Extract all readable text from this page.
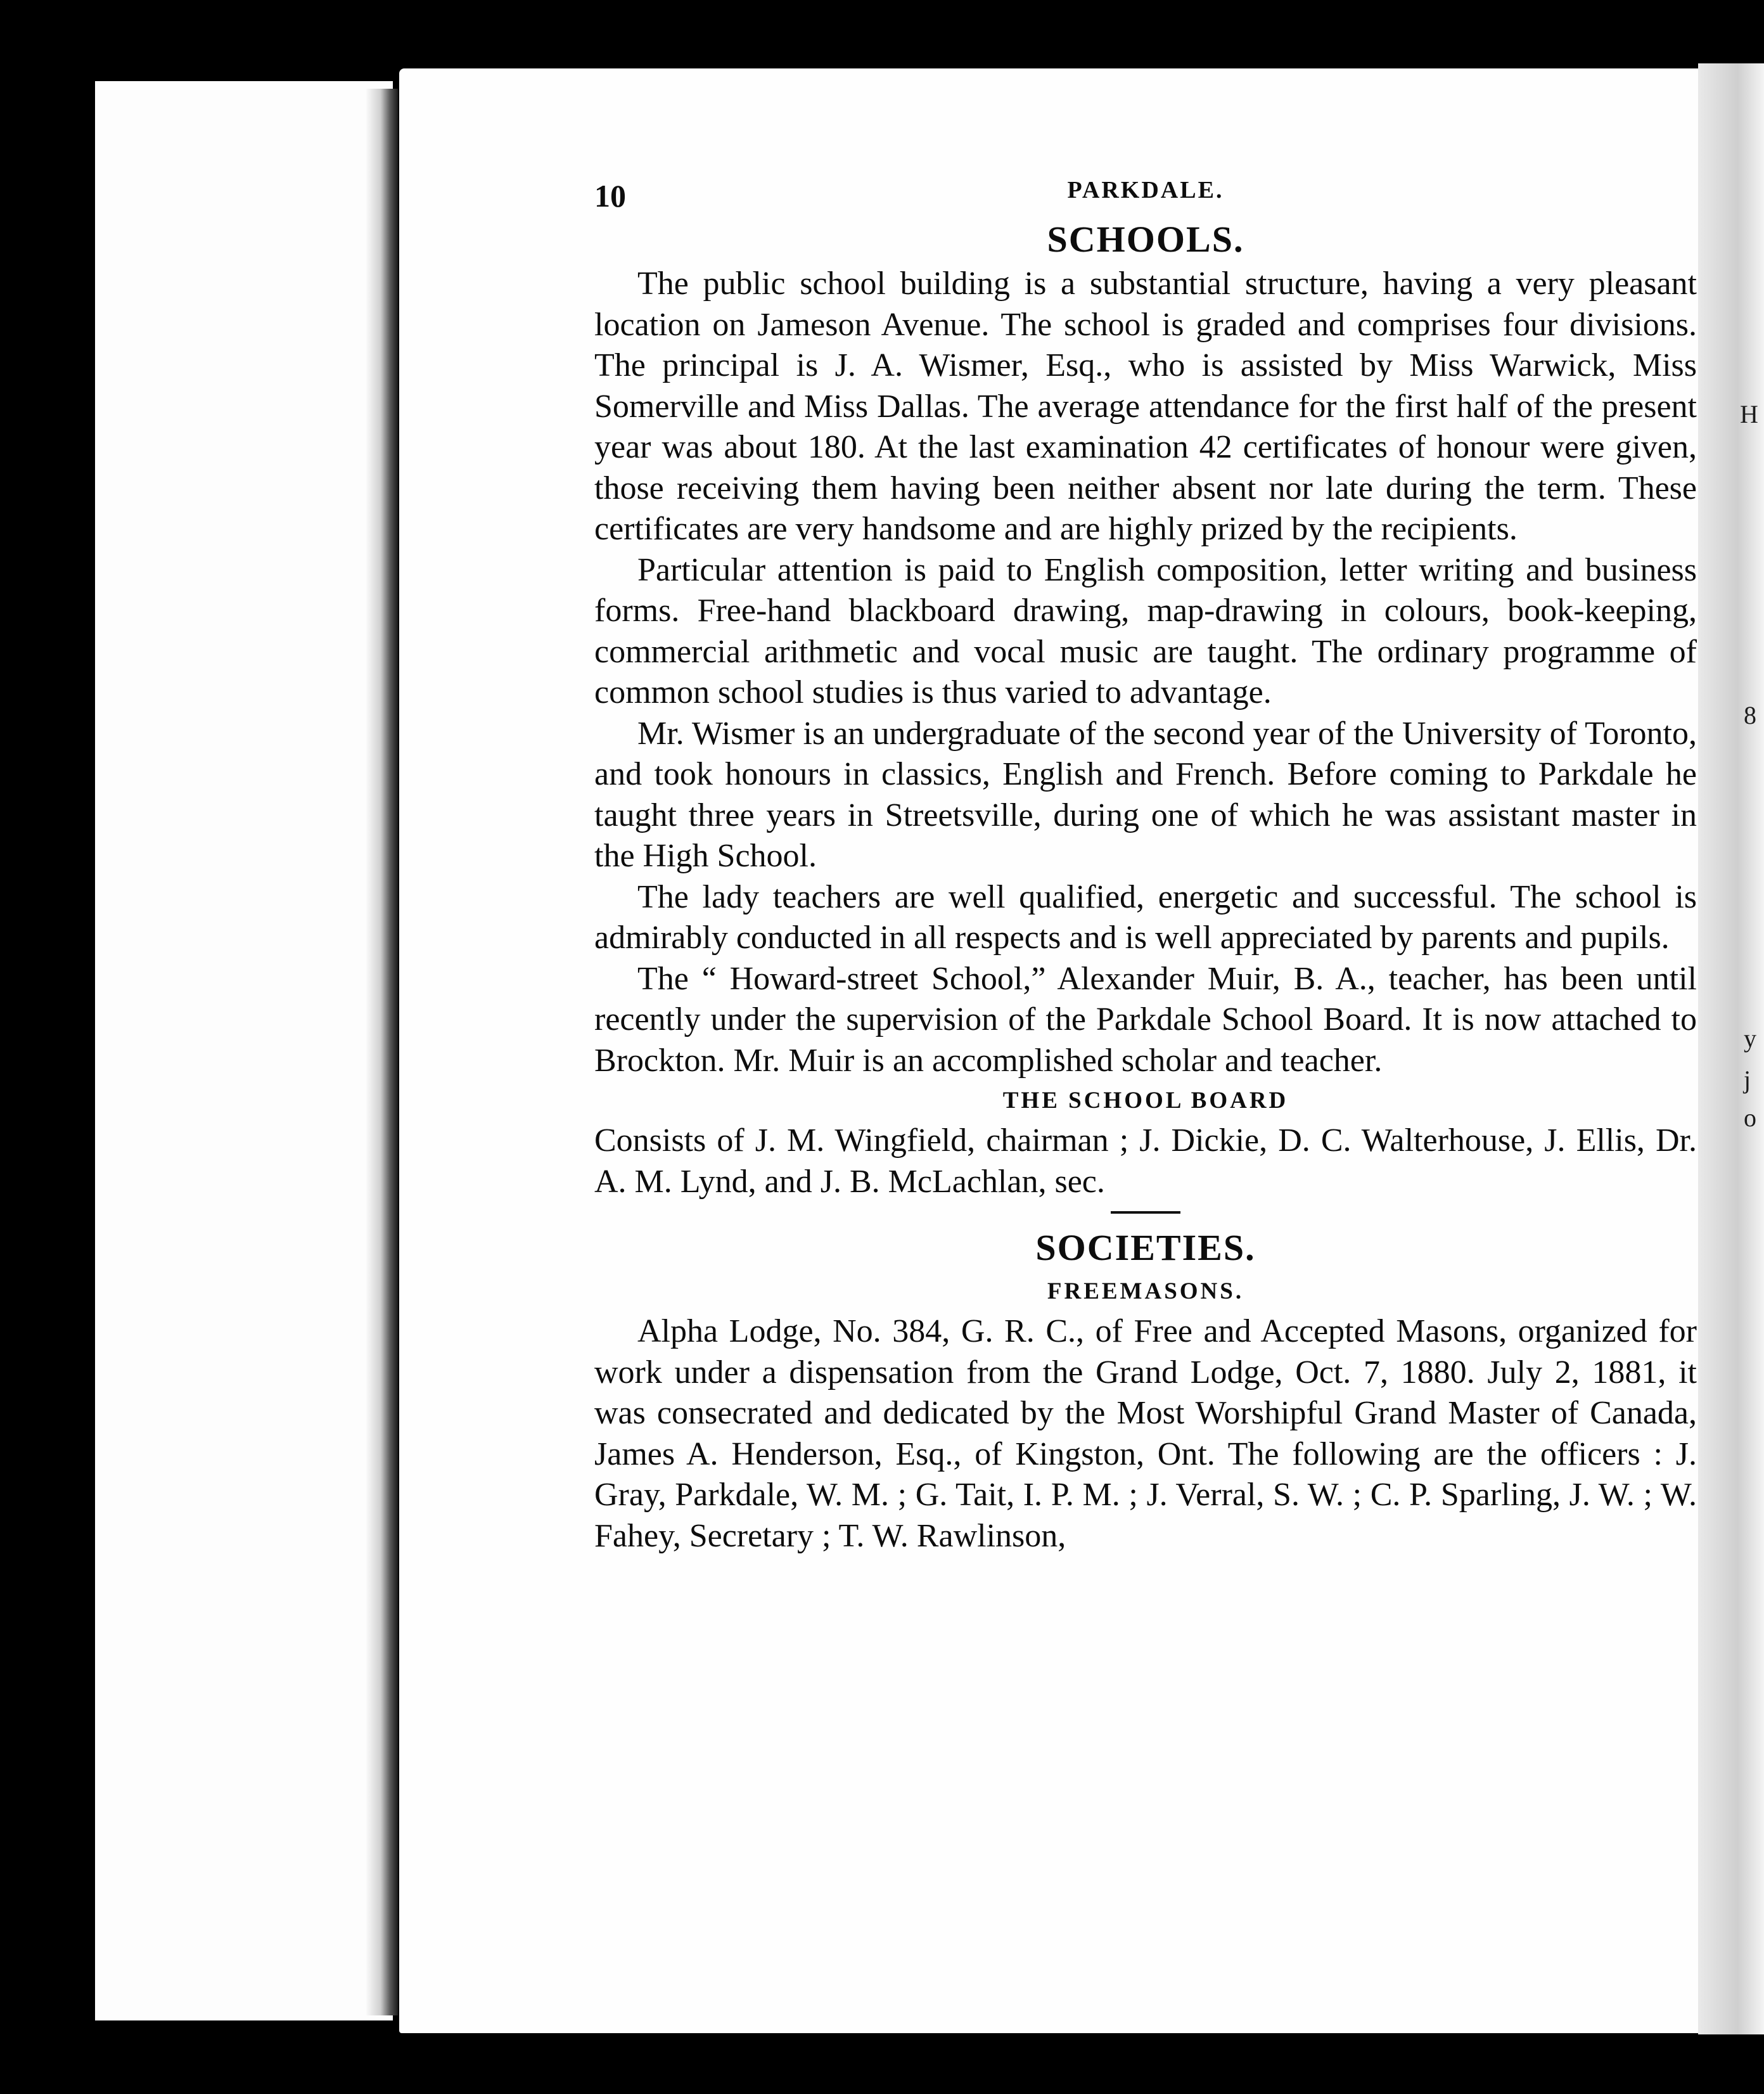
H
8
y
j
o
10	PARKDALE.
SCHOOLS.

The public school building is a substantial structure, having a very pleasant location on Jameson Avenue. The school is graded and comprises four divisions. The principal is J. A. Wismer, Esq., who is assisted by Miss Warwick, Miss Somerville and Miss Dallas. The average attendance for the first half of the present year was about 180. At the last examination 42 certificates of honour were given, those receiving them having been neither absent nor late during the term. These certificates are very handsome and are highly prized by the recipients.

Particular attention is paid to English composition, letter writing and business forms. Free-hand blackboard drawing, map-drawing in colours, book-keeping, commercial arithmetic and vocal music are taught. The ordinary programme of common school studies is thus varied to advantage.

Mr. Wismer is an undergraduate of the second year of the University of Toronto, and took honours in classics, English and French. Before coming to Parkdale he taught three years in Streetsville, during one of which he was assistant master in the High School.

The lady teachers are well qualified, energetic and successful. The school is admirably conducted in all respects and is well appreciated by parents and pupils.

The “ Howard-street School,” Alexander Muir, B. A., teacher, has been until recently under the supervision of the Parkdale School Board. It is now attached to Brockton. Mr. Muir is an accomplished scholar and teacher.

THE SCHOOL BOARD

Consists of J. M. Wingfield, chairman ; J. Dickie, D. C. Walterhouse, J. Ellis, Dr. A. M. Lynd, and J. B. McLachlan, sec.

SOCIETIES.
FREEMASONS.

Alpha Lodge, No. 384, G. R. C., of Free and Accepted Masons, organized for work under a dispensation from the Grand Lodge, Oct. 7, 1880. July 2, 1881, it was consecrated and dedicated by the Most Worshipful Grand Master of Canada, James A. Henderson, Esq., of Kingston, Ont. The following are the officers : J. Gray, Parkdale, W. M. ; G. Tait, I. P. M. ; J. Verral, S. W. ; C. P. Sparling, J. W. ; W. Fahey, Secretary ; T. W. Rawlinson,
